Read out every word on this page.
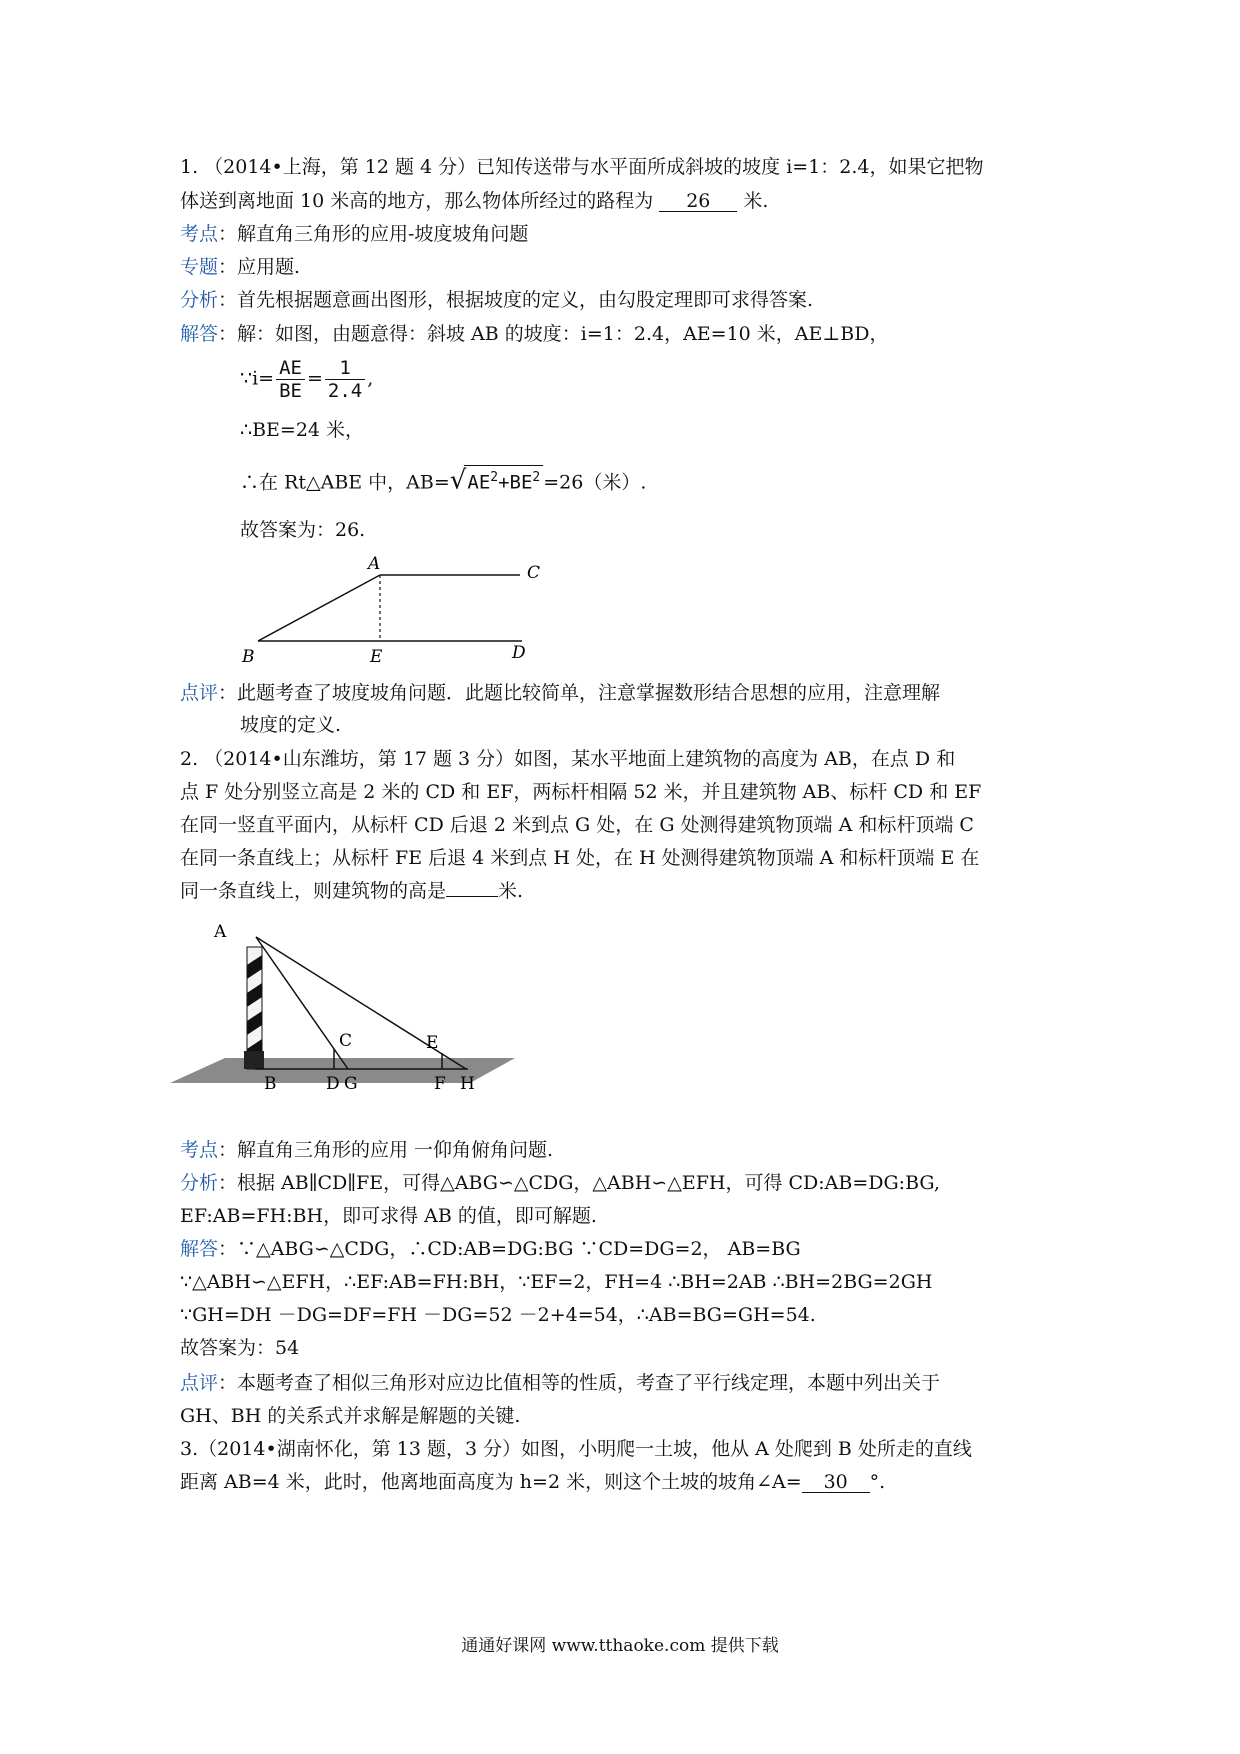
1. （2014•上海，第 12 题 4 分）已知传送带与水平面所成斜坡的坡度 i=1：2.4，如果它把物
体送到离地面 10 米高的地方，那么物体所经过的路程为 26 米.
考点：解直角三角形的应用-坡度坡角问题
专题：应用题.
分析：首先根据题意画出图形，根据坡度的定义，由勾股定理即可求得答案.
解答：解：如图，由题意得：斜坡 AB 的坡度：i=1：2.4，AE=10 米，AE⊥BD，
∵i= $\frac{AE}{BE} = \frac{1}{2.4}$ ,
∴BE=24 米，
∴在 Rt△ABE 中，$AB=√AE^2+BE^2 =26$（米）.
故答案为：26.
A	C
B	E	D
点评：此题考查了坡度坡角问题．此题比较简单，注意掌握数形结合思想的应用，注意理解
坡度的定义.
2. （2014•山东潍坊，第 17 题 3 分）如图，某水平地面上建筑物的高度为 AB，在点 D 和
点 F 处分别竖立高是 2 米的 CD 和 EF，两标杆相隔 52 米，并且建筑物 AB、标杆 CD 和 EF
在同一竖直平面内，从标杆 CD 后退 2 米到点 G 处，在 G 处测得建筑物顶端 A 和标杆顶端 C
在同一条直线上；从标杆 FE 后退 4 米到点 H 处，在 H 处测得建筑物顶端 A 和标杆顶端 E 在
同一条直线上，则建筑物的高是	米.
A
C	E
B	D G	F H
考点：解直角三角形的应用 一仰角俯角问题.
分析：根据 AB∥CD∥FE，可得△ABG∽△CDG，△ABH∽△EFH，可得 CD:AB=DG:BG,
EF:AB=FH:BH，即可求得 AB 的值，即可解题.
解答：∵△ABG∽△CDG，∴CD:AB=DG:BG ∵CD=DG=2， AB=BG
∵△ABH∽△EFH，∴EF:AB=FH:BH，∵EF=2，FH=4 ∴BH=2AB ∴BH=2BG=2GH
∵GH=DH －DG=DF=FH －DG=52 －2+4=54，∴AB=BG=GH=54.
故答案为：54
点评：本题考查了相似三角形对应边比值相等的性质，考查了平行线定理，本题中列出关于
GH、BH 的关系式并求解是解题的关键.
3.（2014•湖南怀化，第 13 题，3 分）如图，小明爬一土坡，他从 A 处爬到 B 处所走的直线
距离 AB=4 米，此时，他离地面高度为 h=2 米，则这个土坡的坡角∠A= 30 °.
通通好课网 www.tthaoke.com 提供下载
